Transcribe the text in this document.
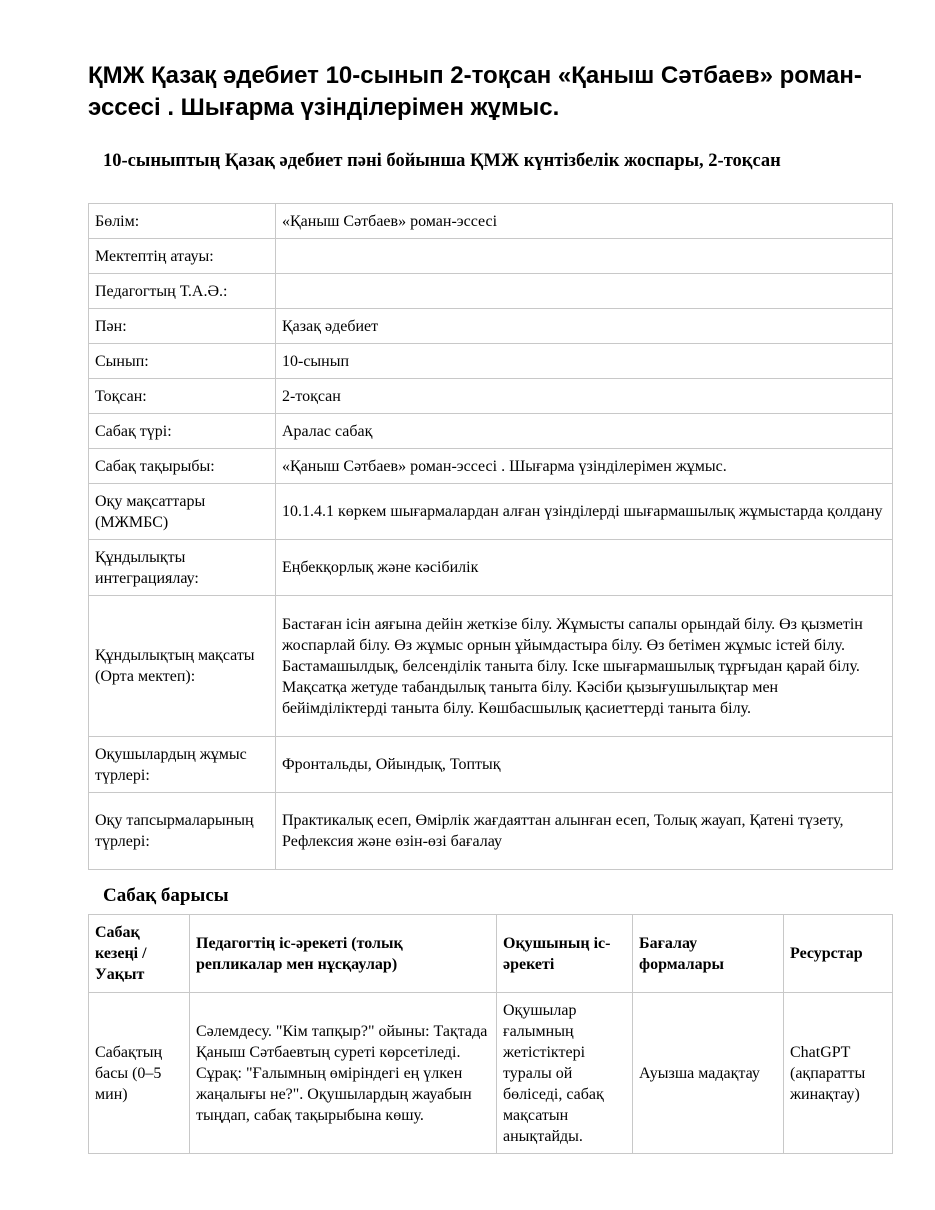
ҚМЖ Қазақ әдебиет 10-сынып 2-тоқсан «Қаныш Сәтбаев» роман-эссесі . Шығарма үзінділерімен жұмыс.
10-сыныптың Қазақ әдебиет пәні бойынша ҚМЖ күнтізбелік жоспары, 2-тоқсан
Бөлім:	«Қаныш Сәтбаев» роман-эссесі
Мектептің атауы:	
Педагогтың Т.А.Ә.:	
Пән:	Қазақ әдебиет
Сынып:	10-сынып
Тоқсан:	2-тоқсан
Сабақ түрі:	Аралас сабақ
Сабақ тақырыбы:	«Қаныш Сәтбаев» роман-эссесі . Шығарма үзінділерімен жұмыс.
Оқу мақсаттары (МЖМБС)	10.1.4.1 көркем шығармалардан алған үзінділерді шығармашылық жұмыстарда қолдану
Құндылықты интеграциялау:	Еңбекқорлық және кәсібилік
Құндылықтың мақсаты (Орта мектеп):	Бастаған ісін аяғына дейін жеткізе білу. Жұмысты сапалы орындай білу. Өз қызметін жоспарлай білу. Өз жұмыс орнын ұйымдастыра білу. Өз бетімен жұмыс істей білу. Бастамашылдық, белсенділік таныта білу. Іске шығармашылық тұрғыдан қарай білу. Мақсатқа жетуде табандылық таныта білу. Кәсіби қызығушылықтар мен бейімділіктерді таныта білу. Көшбасшылық қасиеттерді таныта білу.
Оқушылардың жұмыс түрлері:	Фронтальды, Ойындық, Топтық
Оқу тапсырмаларының түрлері:	Практикалық есеп, Өмірлік жағдаяттан алынған есеп, Толық жауап, Қатені түзету, Рефлексия және өзін-өзі бағалау
Сабақ барысы
Сабақ кезеңі / Уақыт	Педагогтің іс-әрекеті (толық репликалар мен нұсқаулар)	Оқушының іс-әрекеті	Бағалау формалары	Ресурстар
Сабақтың басы (0–5 мин)	Сәлемдесу. "Кім тапқыр?" ойыны: Тақтада Қаныш Сәтбаевтың суреті көрсетіледі. Сұрақ: "Ғалымның өміріндегі ең үлкен жаңалығы не?". Оқушылардың жауабын тыңдап, сабақ тақырыбына көшу.	Оқушылар ғалымның жетістіктері туралы ой бөліседі, сабақ мақсатын анықтайды.	Ауызша мадақтау	ChatGPT (ақпаратты жинақтау)
